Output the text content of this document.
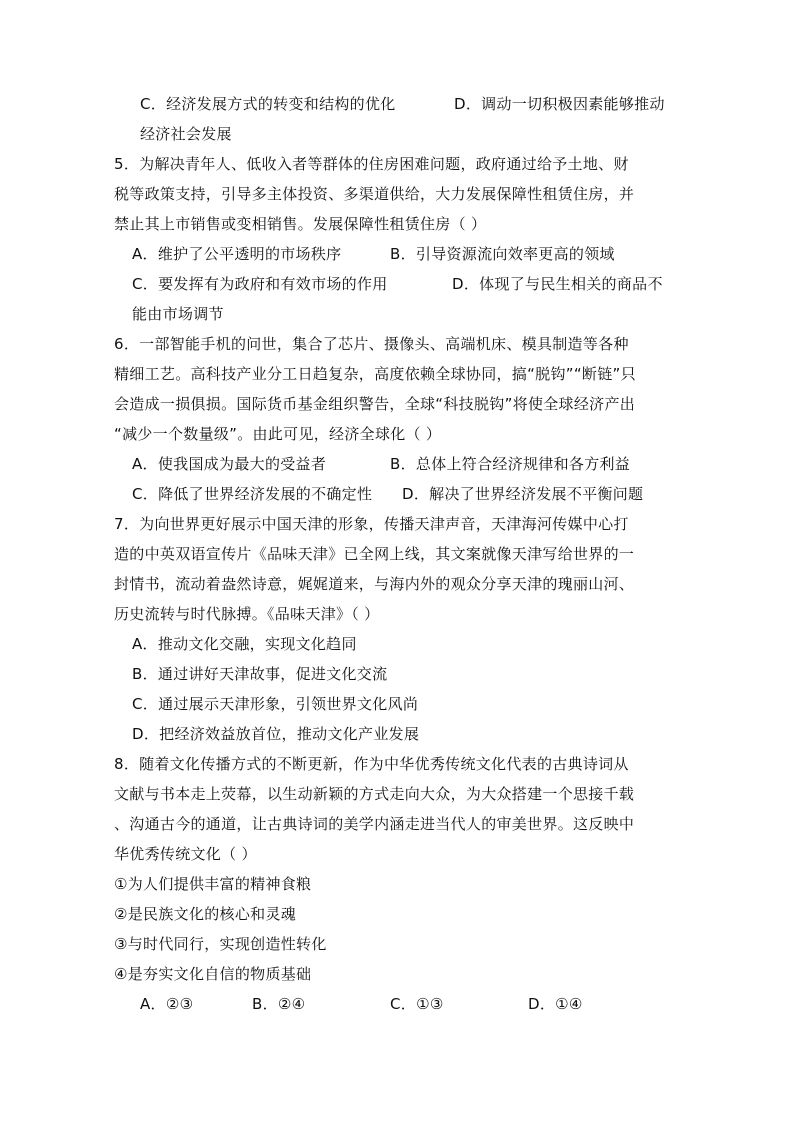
C．经济发展方式的转变和结构的优化	D．调动一切积极因素能够推动
经济社会发展
5．为解决青年人、低收入者等群体的住房困难问题，政府通过给予土地、财
税等政策支持，引导多主体投资、多渠道供给，大力发展保障性租赁住房，并
禁止其上市销售或变相销售。发展保障性租赁住房（ ）
A．维护了公平透明的市场秩序	B．引导资源流向效率更高的领域
C．要发挥有为政府和有效市场的作用	D．体现了与民生相关的商品不
能由市场调节
6．一部智能手机的问世，集合了芯片、摄像头、高端机床、模具制造等各种
精细工艺。高科技产业分工日趋复杂，高度依赖全球协同，搞“脱钩”“断链”只
会造成一损俱损。国际货币基金组织警告，全球“科技脱钩”将使全球经济产出
“减少一个数量级”。由此可见，经济全球化（ ）
A．使我国成为最大的受益者	B．总体上符合经济规律和各方利益
C．降低了世界经济发展的不确定性 D．解决了世界经济发展不平衡问题
7．为向世界更好展示中国天津的形象，传播天津声音，天津海河传媒中心打
造的中英双语宣传片《品味天津》已全网上线，其文案就像天津写给世界的一
封情书，流动着盎然诗意，娓娓道来，与海内外的观众分享天津的瑰丽山河、
历史流转与时代脉搏。《品味天津》（ ）
A．推动文化交融，实现文化趋同
B．通过讲好天津故事，促进文化交流
C．通过展示天津形象，引领世界文化风尚
D．把经济效益放首位，推动文化产业发展
8．随着文化传播方式的不断更新，作为中华优秀传统文化代表的古典诗词从
文献与书本走上荧幕，以生动新颖的方式走向大众，为大众搭建一个思接千载
、沟通古今的通道，让古典诗词的美学内涵走进当代人的审美世界。这反映中
华优秀传统文化（ ）
①为人们提供丰富的精神食粮
②是民族文化的核心和灵魂
③与时代同行，实现创造性转化
④是夯实文化自信的物质基础
A．②③	B．②④	C．①③	D．①④
